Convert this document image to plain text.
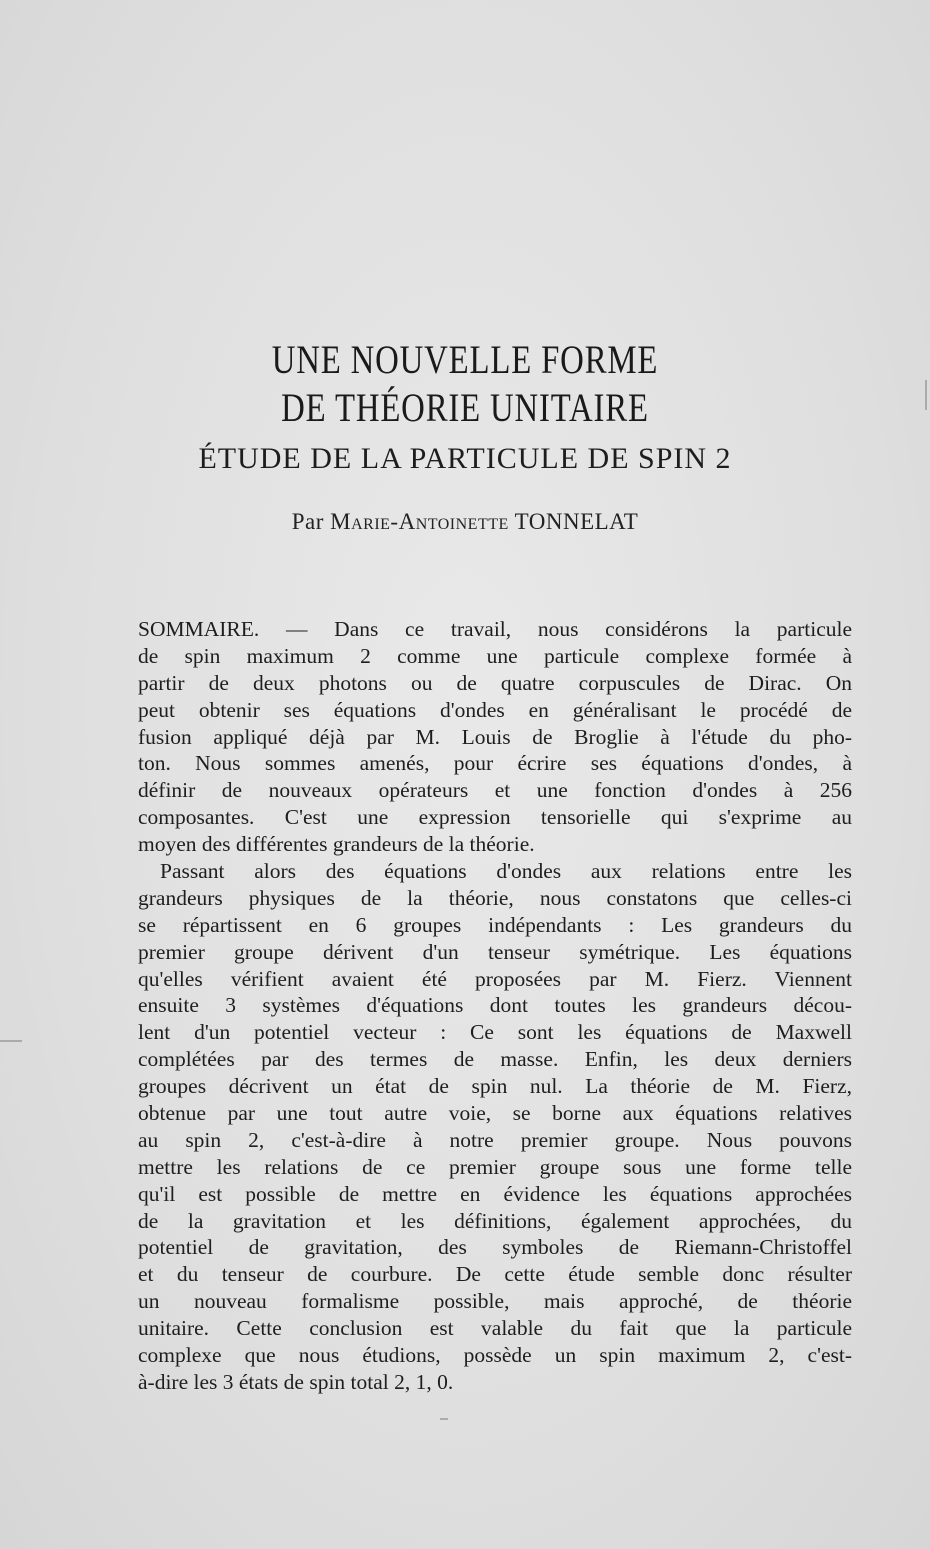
UNE NOUVELLE FORME
DE THÉORIE UNITAIRE
ÉTUDE DE LA PARTICULE DE SPIN 2
Par Marie-Antoinette TONNELAT
SOMMAIRE. — Dans ce travail, nous considérons la particule
de spin maximum 2 comme une particule complexe formée à
partir de deux photons ou de quatre corpuscules de Dirac. On
peut obtenir ses équations d'ondes en généralisant le procédé de
fusion appliqué déjà par M. Louis de Broglie à l'étude du pho-
ton. Nous sommes amenés, pour écrire ses équations d'ondes, à
définir de nouveaux opérateurs et une fonction d'ondes à 256
composantes. C'est une expression tensorielle qui s'exprime au
moyen des différentes grandeurs de la théorie.
Passant alors des équations d'ondes aux relations entre les
grandeurs physiques de la théorie, nous constatons que celles-ci
se répartissent en 6 groupes indépendants : Les grandeurs du
premier groupe dérivent d'un tenseur symétrique. Les équations
qu'elles vérifient avaient été proposées par M. Fierz. Viennent
ensuite 3 systèmes d'équations dont toutes les grandeurs décou-
lent d'un potentiel vecteur : Ce sont les équations de Maxwell
complétées par des termes de masse. Enfin, les deux derniers
groupes décrivent un état de spin nul. La théorie de M. Fierz,
obtenue par une tout autre voie, se borne aux équations relatives
au spin 2, c'est-à-dire à notre premier groupe. Nous pouvons
mettre les relations de ce premier groupe sous une forme telle
qu'il est possible de mettre en évidence les équations approchées
de la gravitation et les définitions, également approchées, du
potentiel de gravitation, des symboles de Riemann-Christoffel
et du tenseur de courbure. De cette étude semble donc résulter
un nouveau formalisme possible, mais approché, de théorie
unitaire. Cette conclusion est valable du fait que la particule
complexe que nous étudions, possède un spin maximum 2, c'est-
à-dire les 3 états de spin total 2, 1, 0.
